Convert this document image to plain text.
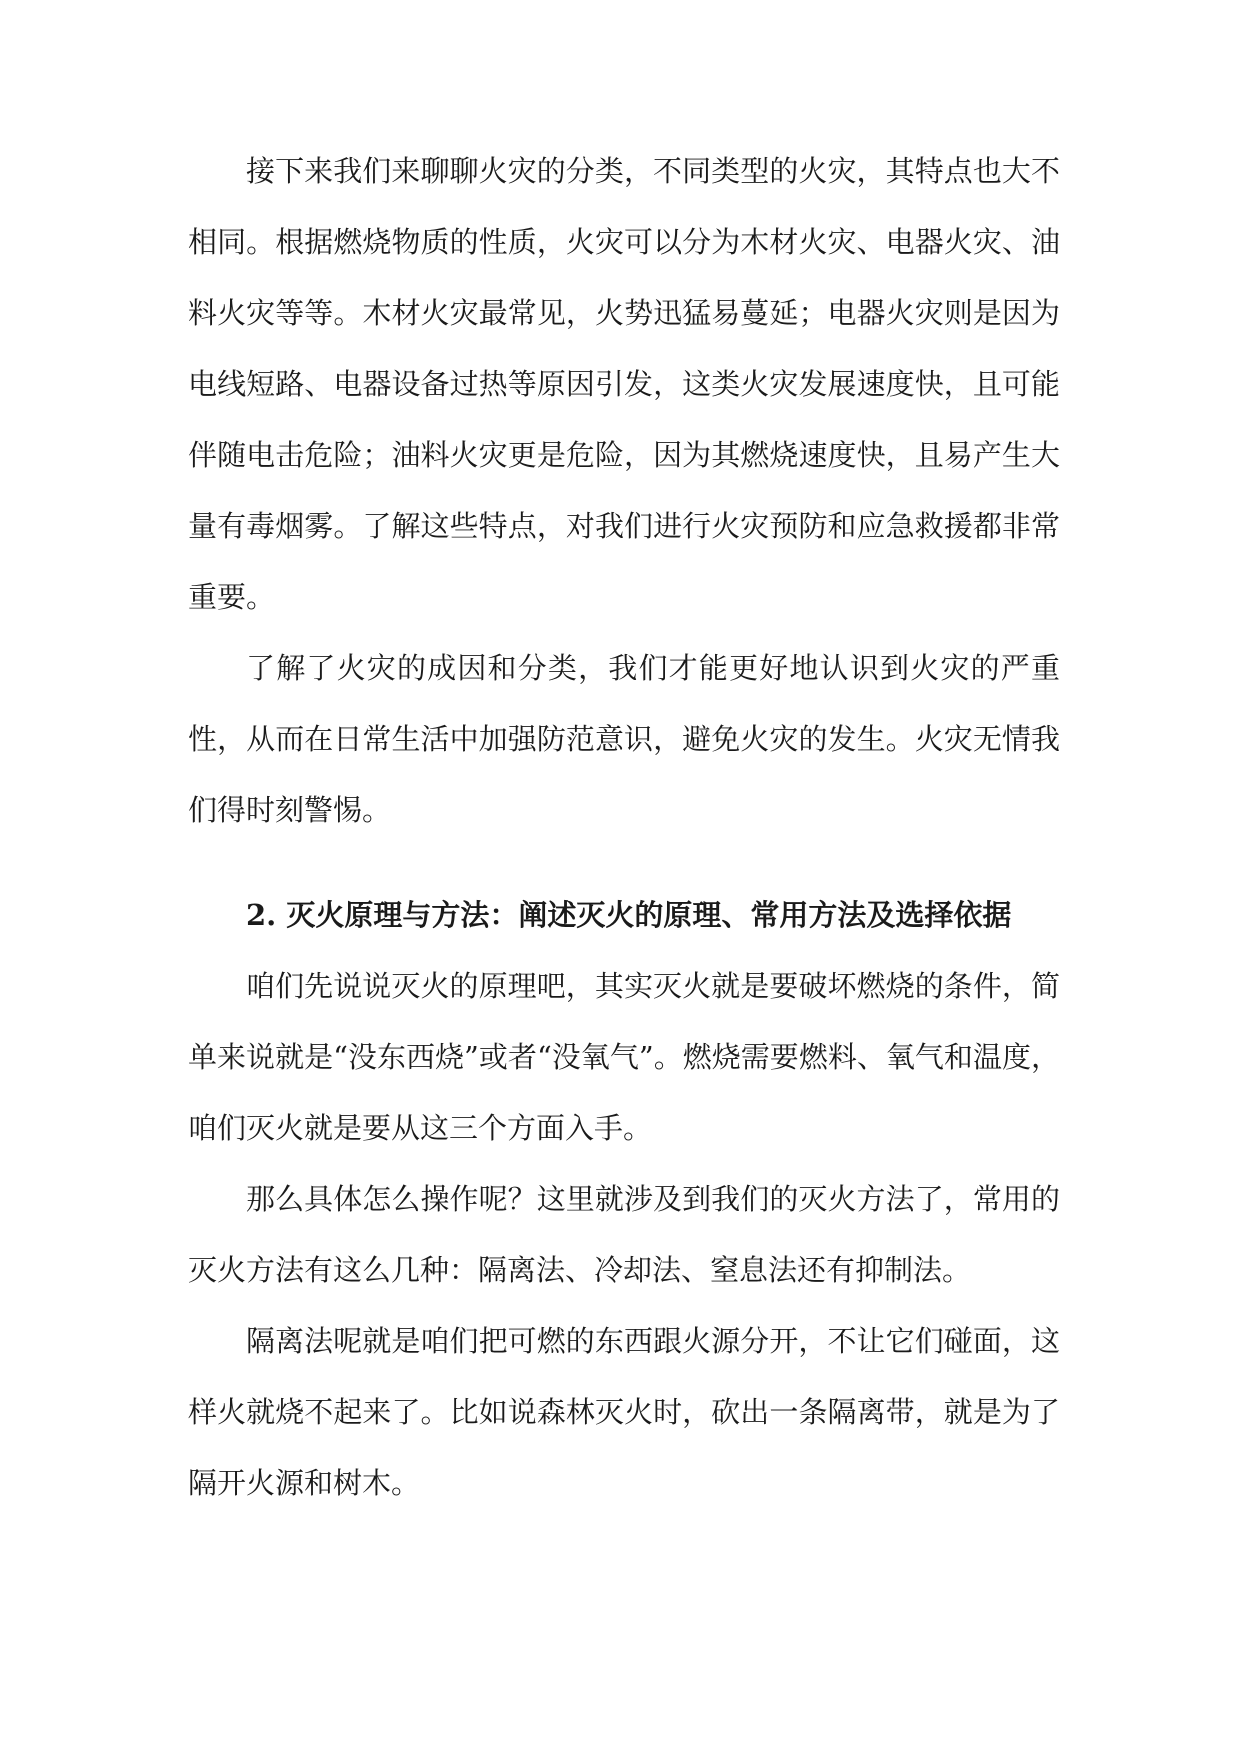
接下来我们来聊聊火灾的分类，不同类型的火灾，其特点也大不相同。根据燃烧物质的性质，火灾可以分为木材火灾、电器火灾、油料火灾等等。木材火灾最常见，火势迅猛易蔓延；电器火灾则是因为电线短路、电器设备过热等原因引发，这类火灾发展速度快，且可能伴随电击危险；油料火灾更是危险，因为其燃烧速度快，且易产生大量有毒烟雾。了解这些特点，对我们进行火灾预防和应急救援都非常重要。

了解了火灾的成因和分类，我们才能更好地认识到火灾的严重性，从而在日常生活中加强防范意识，避免火灾的发生。火灾无情我们得时刻警惕。

2. 灭火原理与方法：阐述灭火的原理、常用方法及选择依据

咱们先说说灭火的原理吧，其实灭火就是要破坏燃烧的条件，简单来说就是“没东西烧”或者“没氧气”。燃烧需要燃料、氧气和温度，咱们灭火就是要从这三个方面入手。

那么具体怎么操作呢？这里就涉及到我们的灭火方法了，常用的灭火方法有这么几种：隔离法、冷却法、窒息法还有抑制法。

隔离法呢就是咱们把可燃的东西跟火源分开，不让它们碰面，这样火就烧不起来了。比如说森林灭火时，砍出一条隔离带，就是为了隔开火源和树木。
